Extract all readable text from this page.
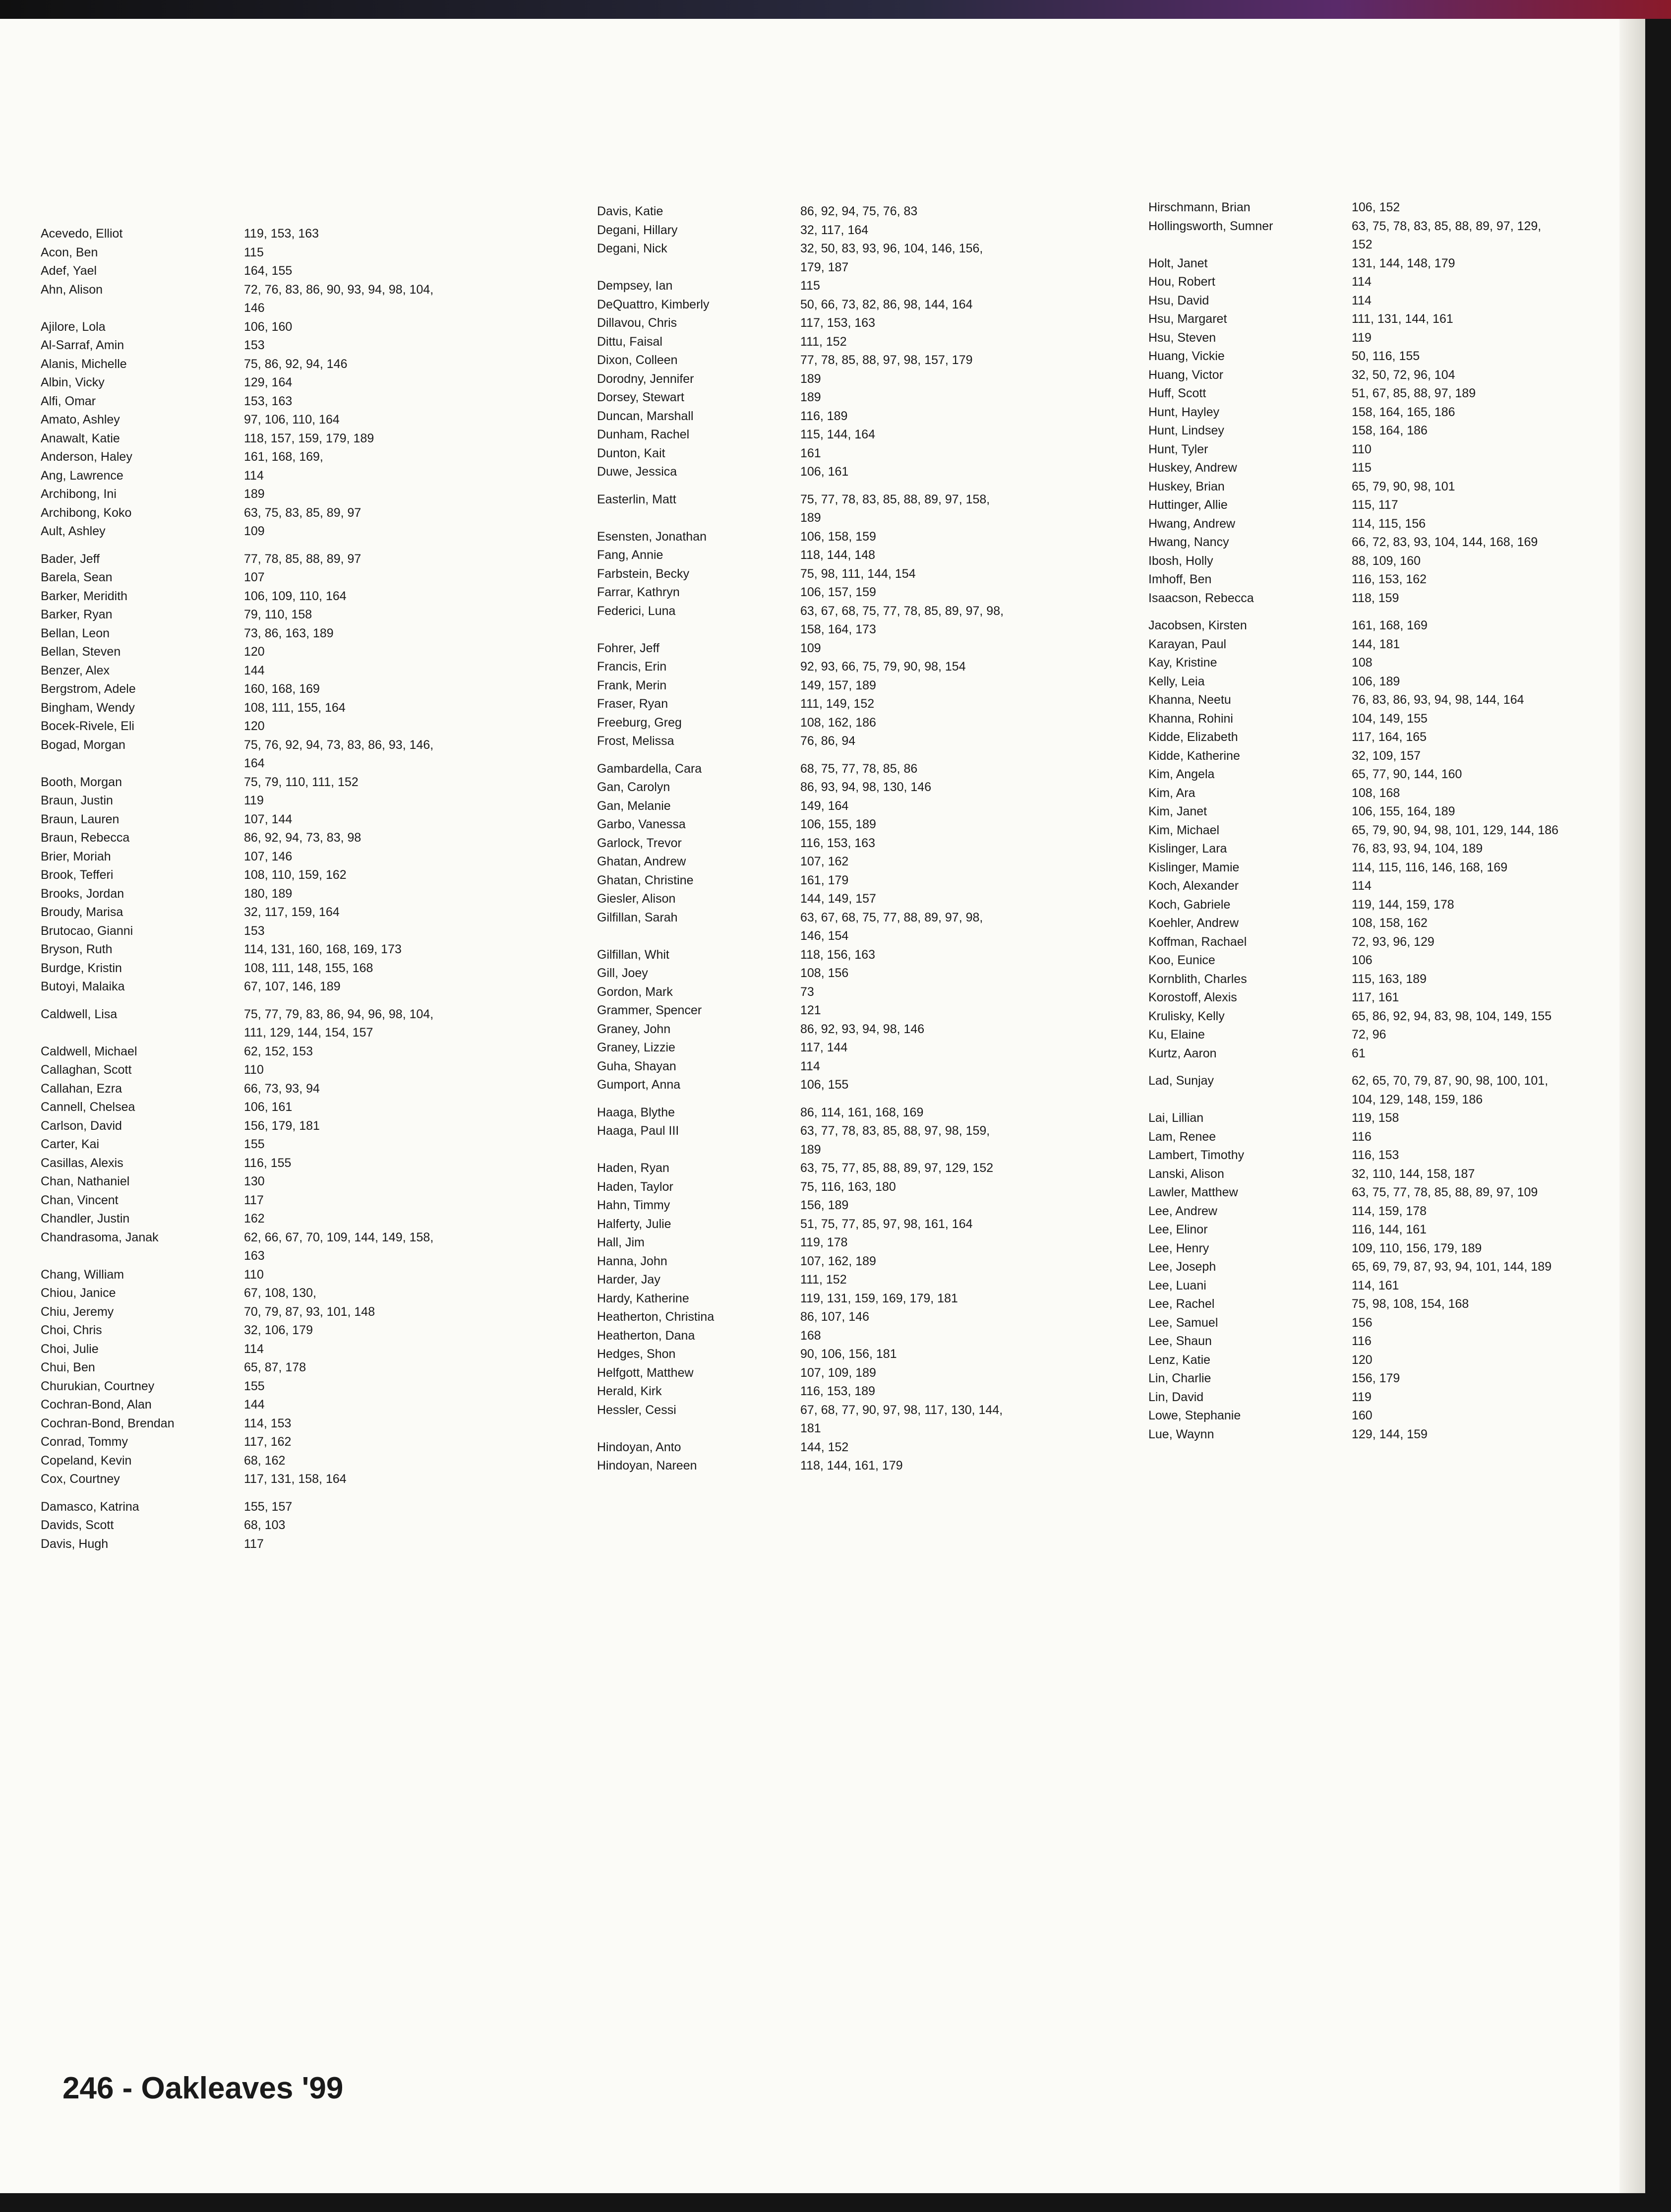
Acevedo, Elliot	119, 153, 163
Acon, Ben	115
Adef, Yael	164, 155
Ahn, Alison	72, 76, 83, 86, 90, 93, 94, 98, 104, 146
Ajilore, Lola	106, 160
Al-Sarraf, Amin	153
Alanis, Michelle	75, 86, 92, 94, 146
Albin, Vicky	129, 164
Alfi, Omar	153, 163
Amato, Ashley	97, 106, 110, 164
Anawalt, Katie	118, 157, 159, 179, 189
Anderson, Haley	161, 168, 169,
Ang, Lawrence	114
Archibong, Ini	189
Archibong, Koko	63, 75, 83, 85, 89, 97
Ault, Ashley	109
Bader, Jeff	77, 78, 85, 88, 89, 97
Barela, Sean	107
Barker, Meridith	106, 109, 110, 164
Barker, Ryan	79, 110, 158
Bellan, Leon	73, 86, 163, 189
Bellan, Steven	120
Benzer, Alex	144
Bergstrom, Adele	160, 168, 169
Bingham, Wendy	108, 111, 155, 164
Bocek-Rivele, Eli	120
Bogad, Morgan	75, 76, 92, 94, 73, 83, 86, 93, 146, 164
Booth, Morgan	75, 79, 110, 111, 152
Braun, Justin	119
Braun, Lauren	107, 144
Braun, Rebecca	86, 92, 94, 73, 83, 98
Brier, Moriah	107, 146
Brook, Tefferi	108, 110, 159, 162
Brooks, Jordan	180, 189
Broudy, Marisa	32, 117, 159, 164
Brutocao, Gianni	153
Bryson, Ruth	114, 131, 160, 168, 169, 173
Burdge, Kristin	108, 111, 148, 155, 168
Butoyi, Malaika	67, 107, 146, 189
Caldwell, Lisa	75, 77, 79, 83, 86, 94, 96, 98, 104, 111, 129, 144, 154, 157
Caldwell, Michael	62, 152, 153
Callaghan, Scott	110
Callahan, Ezra	66, 73, 93, 94
Cannell, Chelsea	106, 161
Carlson, David	156, 179, 181
Carter, Kai	155
Casillas, Alexis	116, 155
Chan, Nathaniel	130
Chan, Vincent	117
Chandler, Justin	162
Chandrasoma, Janak	62, 66, 67, 70, 109, 144, 149, 158, 163
Chang, William	110
Chiou, Janice	67, 108, 130,
Chiu, Jeremy	70, 79, 87, 93, 101, 148
Choi, Chris	32, 106, 179
Choi, Julie	114
Chui, Ben	65, 87, 178
Churukian, Courtney	155
Cochran-Bond, Alan	144
Cochran-Bond, Brendan	114, 153
Conrad, Tommy	117, 162
Copeland, Kevin	68, 162
Cox, Courtney	117, 131, 158, 164
Damasco, Katrina	155, 157
Davids, Scott	68, 103
Davis, Hugh	117
Davis, Katie	86, 92, 94, 75, 76, 83
Degani, Hillary	32, 117, 164
Degani, Nick	32, 50, 83, 93, 96, 104, 146, 156, 179, 187
Dempsey, Ian	115
DeQuattro, Kimberly	50, 66, 73, 82, 86, 98, 144, 164
Dillavou, Chris	117, 153, 163
Dittu, Faisal	111, 152
Dixon, Colleen	77, 78, 85, 88, 97, 98, 157, 179
Dorodny, Jennifer	189
Dorsey, Stewart	189
Duncan, Marshall	116, 189
Dunham, Rachel	115, 144, 164
Dunton, Kait	161
Duwe, Jessica	106, 161
Easterlin, Matt	75, 77, 78, 83, 85, 88, 89, 97, 158, 189
Esensten, Jonathan	106, 158, 159
Fang, Annie	118, 144, 148
Farbstein, Becky	75, 98, 111, 144, 154
Farrar, Kathryn	106, 157, 159
Federici, Luna	63, 67, 68, 75, 77, 78, 85, 89, 97, 98, 158, 164, 173
Fohrer, Jeff	109
Francis, Erin	92, 93, 66, 75, 79, 90, 98, 154
Frank, Merin	149, 157, 189
Fraser, Ryan	111, 149, 152
Freeburg, Greg	108, 162, 186
Frost, Melissa	76, 86, 94
Gambardella, Cara	68, 75, 77, 78, 85, 86
Gan, Carolyn	86, 93, 94, 98, 130, 146
Gan, Melanie	149, 164
Garbo, Vanessa	106, 155, 189
Garlock, Trevor	116, 153, 163
Ghatan, Andrew	107, 162
Ghatan, Christine	161, 179
Giesler, Alison	144, 149, 157
Gilfillan, Sarah	63, 67, 68, 75, 77, 88, 89, 97, 98, 146, 154
Gilfillan, Whit	118, 156, 163
Gill, Joey	108, 156
Gordon, Mark	73
Grammer, Spencer	121
Graney, John	86, 92, 93, 94, 98, 146
Graney, Lizzie	117, 144
Guha, Shayan	114
Gumport, Anna	106, 155
Haaga, Blythe	86, 114, 161, 168, 169
Haaga, Paul III	63, 77, 78, 83, 85, 88, 97, 98, 159, 189
Haden, Ryan	63, 75, 77, 85, 88, 89, 97, 129, 152
Haden, Taylor	75, 116, 163, 180
Hahn, Timmy	156, 189
Halferty, Julie	51, 75, 77, 85, 97, 98, 161, 164
Hall, Jim	119, 178
Hanna, John	107, 162, 189
Harder, Jay	111, 152
Hardy, Katherine	119, 131, 159, 169, 179, 181
Heatherton, Christina	86, 107, 146
Heatherton, Dana	168
Hedges, Shon	90, 106, 156, 181
Helfgott, Matthew	107, 109, 189
Herald, Kirk	116, 153, 189
Hessler, Cessi	67, 68, 77, 90, 97, 98, 117, 130, 144, 181
Hindoyan, Anto	144, 152
Hindoyan, Nareen	118, 144, 161, 179
Hirschmann, Brian	106, 152
Hollingsworth, Sumner	63, 75, 78, 83, 85, 88, 89, 97, 129, 152
Holt, Janet	131, 144, 148, 179
Hou, Robert	114
Hsu, David	114
Hsu, Margaret	111, 131, 144, 161
Hsu, Steven	119
Huang, Vickie	50, 116, 155
Huang, Victor	32, 50, 72, 96, 104
Huff, Scott	51, 67, 85, 88, 97, 189
Hunt, Hayley	158, 164, 165, 186
Hunt, Lindsey	158, 164, 186
Hunt, Tyler	110
Huskey, Andrew	115
Huskey, Brian	65, 79, 90, 98, 101
Huttinger, Allie	115, 117
Hwang, Andrew	114, 115, 156
Hwang, Nancy	66, 72, 83, 93, 104, 144, 168, 169
Ibosh, Holly	88, 109, 160
Imhoff, Ben	116, 153, 162
Isaacson, Rebecca	118, 159
Jacobsen, Kirsten	161, 168, 169
Karayan, Paul	144, 181
Kay, Kristine	108
Kelly, Leia	106, 189
Khanna, Neetu	76, 83, 86, 93, 94, 98, 144, 164
Khanna, Rohini	104, 149, 155
Kidde, Elizabeth	117, 164, 165
Kidde, Katherine	32, 109, 157
Kim, Angela	65, 77, 90, 144, 160
Kim, Ara	108, 168
Kim, Janet	106, 155, 164, 189
Kim, Michael	65, 79, 90, 94, 98, 101, 129, 144, 186
Kislinger, Lara	76, 83, 93, 94, 104, 189
Kislinger, Mamie	114, 115, 116, 146, 168, 169
Koch, Alexander	114
Koch, Gabriele	119, 144, 159, 178
Koehler, Andrew	108, 158, 162
Koffman, Rachael	72, 93, 96, 129
Koo, Eunice	106
Kornblith, Charles	115, 163, 189
Korostoff, Alexis	117, 161
Krulisky, Kelly	65, 86, 92, 94, 83, 98, 104, 149, 155
Ku, Elaine	72, 96
Kurtz, Aaron	61
Lad, Sunjay	62, 65, 70, 79, 87, 90, 98, 100, 101, 104, 129, 148, 159, 186
Lai, Lillian	119, 158
Lam, Renee	116
Lambert, Timothy	116, 153
Lanski, Alison	32, 110, 144, 158, 187
Lawler, Matthew	63, 75, 77, 78, 85, 88, 89, 97, 109
Lee, Andrew	114, 159, 178
Lee, Elinor	116, 144, 161
Lee, Henry	109, 110, 156, 179, 189
Lee, Joseph	65, 69, 79, 87, 93, 94, 101, 144, 189
Lee, Luani	114, 161
Lee, Rachel	75, 98, 108, 154, 168
Lee, Samuel	156
Lee, Shaun	116
Lenz, Katie	120
Lin, Charlie	156, 179
Lin, David	119
Lowe, Stephanie	160
Lue, Waynn	129, 144, 159
246 - Oakleaves '99
